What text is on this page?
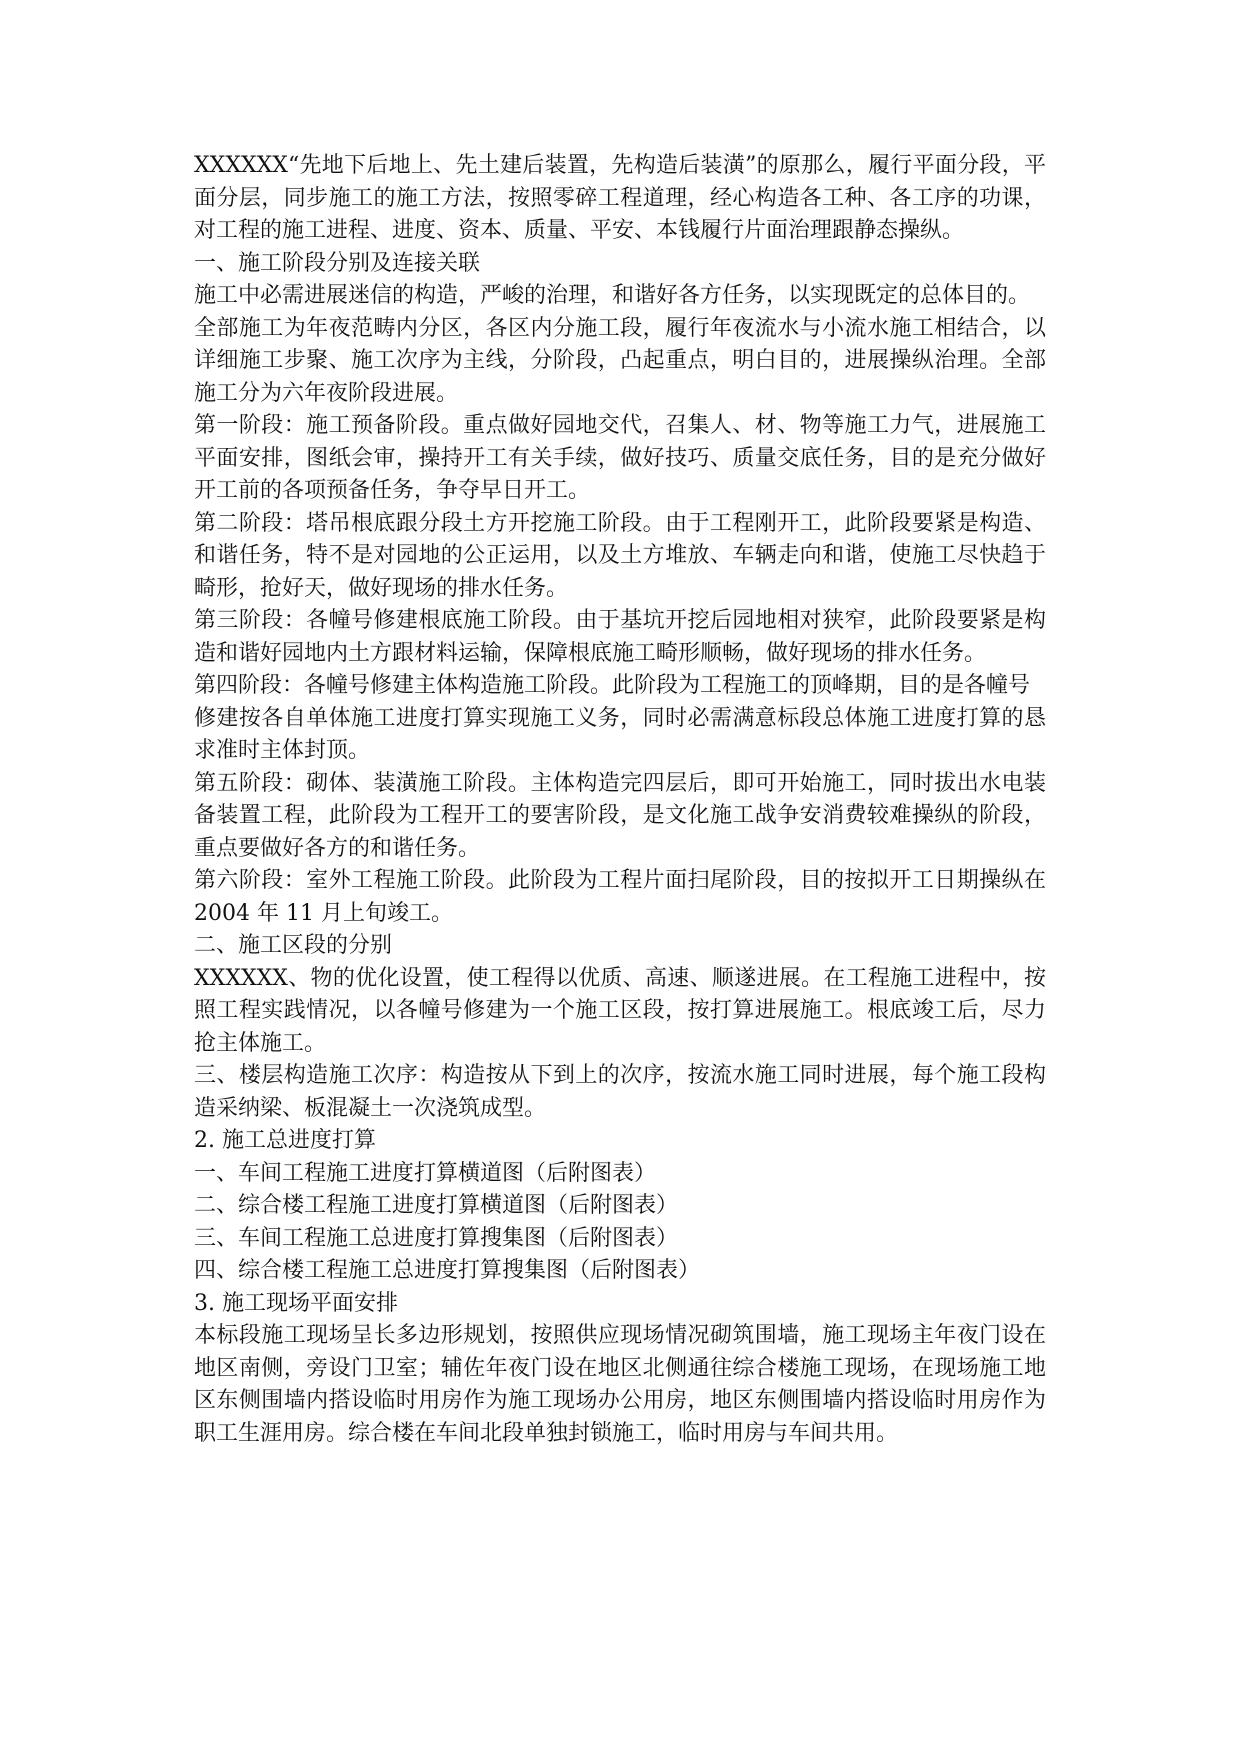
XXXXXX“先地下后地上、先土建后装置，先构造后装潢”的原那么，履行平面分段，平面分层，同步施工的施工方法，按照零碎工程道理，经心构造各工种、各工序的功课，对工程的施工进程、进度、资本、质量、平安、本钱履行片面治理跟静态操纵。

一、施工阶段分别及连接关联

施工中必需进展迷信的构造，严峻的治理，和谐好各方任务，以实现既定的总体目的。

全部施工为年夜范畴内分区，各区内分施工段，履行年夜流水与小流水施工相结合，以详细施工步聚、施工次序为主线，分阶段，凸起重点，明白目的，进展操纵治理。全部施工分为六年夜阶段进展。

第一阶段：施工预备阶段。重点做好园地交代，召集人、材、物等施工力气，进展施工平面安排，图纸会审，操持开工有关手续，做好技巧、质量交底任务，目的是充分做好开工前的各项预备任务，争夺早日开工。

第二阶段：塔吊根底跟分段土方开挖施工阶段。由于工程刚开工，此阶段要紧是构造、和谐任务，特不是对园地的公正运用，以及土方堆放、车辆走向和谐，使施工尽快趋于畸形，抢好天，做好现场的排水任务。

第三阶段：各幢号修建根底施工阶段。由于基坑开挖后园地相对狭窄，此阶段要紧是构造和谐好园地内土方跟材料运输，保障根底施工畸形顺畅，做好现场的排水任务。

第四阶段：各幢号修建主体构造施工阶段。此阶段为工程施工的顶峰期，目的是各幢号

修建按各自单体施工进度打算实现施工义务，同时必需满意标段总体施工进度打算的恳求准时主体封顶。

第五阶段：砌体、装潢施工阶段。主体构造完四层后，即可开始施工，同时拔出水电装备装置工程，此阶段为工程开工的要害阶段，是文化施工战争安消费较难操纵的阶段，重点要做好各方的和谐任务。

第六阶段：室外工程施工阶段。此阶段为工程片面扫尾阶段，目的按拟开工日期操纵在 2004 年 11 月上旬竣工。

二、施工区段的分别

XXXXXX、物的优化设置，使工程得以优质、高速、顺遂进展。在工程施工进程中，按照工程实践情况，以各幢号修建为一个施工区段，按打算进展施工。根底竣工后，尽力抢主体施工。

三、楼层构造施工次序：构造按从下到上的次序，按流水施工同时进展，每个施工段构造采纳梁、板混凝土一次浇筑成型。

2. 施工总进度打算

一、车间工程施工进度打算横道图（后附图表）

二、综合楼工程施工进度打算横道图（后附图表）

三、车间工程施工总进度打算搜集图（后附图表）

四、综合楼工程施工总进度打算搜集图（后附图表）

3. 施工现场平面安排

本标段施工现场呈长多边形规划，按照供应现场情况砌筑围墙，施工现场主年夜门设在地区南侧，旁设门卫室；辅佐年夜门设在地区北侧通往综合楼施工现场，在现场施工地区东侧围墙内搭设临时用房作为施工现场办公用房，地区东侧围墙内搭设临时用房作为职工生涯用房。综合楼在车间北段单独封锁施工，临时用房与车间共用。
